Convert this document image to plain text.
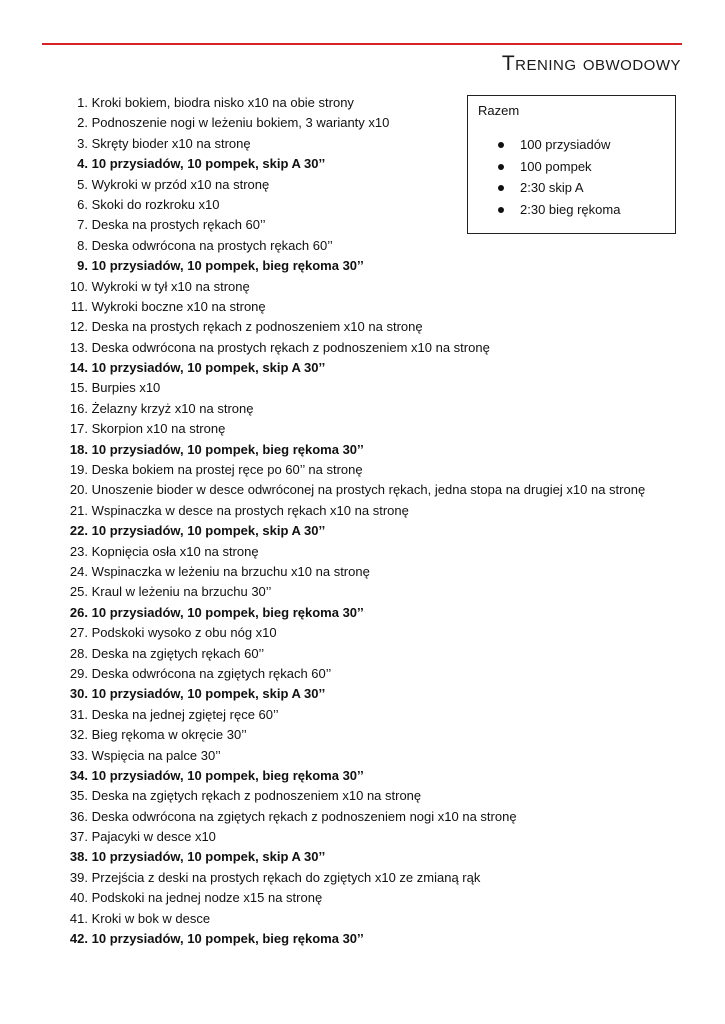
Trening obwodowy
Razem
100 przysiadów
100 pompek
2:30 skip A
2:30 bieg rękoma
1. Kroki bokiem, biodra nisko x10 na obie strony
2. Podnoszenie nogi w leżeniu bokiem, 3 warianty x10
3. Skręty bioder x10 na stronę
4. 10 przysiadów, 10 pompek, skip A 30’’
5. Wykroki w przód x10 na stronę
6. Skoki do rozkroku x10
7. Deska na prostych rękach 60’’
8. Deska odwrócona na prostych rękach 60’’
9. 10 przysiadów, 10 pompek, bieg rękoma 30’’
10. Wykroki w tył x10 na stronę
11. Wykroki boczne x10 na stronę
12. Deska na prostych rękach z podnoszeniem x10 na stronę
13. Deska odwrócona na prostych rękach z podnoszeniem x10 na stronę
14. 10 przysiadów, 10 pompek, skip A 30’’
15. Burpies x10
16. Żelazny krzyż x10 na stronę
17. Skorpion x10 na stronę
18. 10 przysiadów, 10 pompek, bieg rękoma 30’’
19. Deska bokiem na prostej ręce po 60’’ na stronę
20. Unoszenie bioder w desce odwróconej na prostych rękach, jedna stopa na drugiej x10 na stronę
21. Wspinaczka w desce na prostych rękach x10 na stronę
22. 10 przysiadów, 10 pompek, skip A 30’’
23. Kopnięcia osła x10 na stronę
24. Wspinaczka w leżeniu na brzuchu x10 na stronę
25. Kraul w leżeniu na brzuchu 30’’
26. 10 przysiadów, 10 pompek, bieg rękoma 30’’
27. Podskoki wysoko z obu nóg x10
28. Deska na zgiętych rękach 60’’
29. Deska odwrócona na zgiętych rękach 60’’
30. 10 przysiadów, 10 pompek, skip A 30’’
31. Deska na jednej zgiętej ręce 60’’
32. Bieg rękoma w okręcie 30’’
33. Wspięcia na palce 30’’
34. 10 przysiadów, 10 pompek, bieg rękoma 30’’
35. Deska na zgiętych rękach z podnoszeniem x10 na stronę
36. Deska odwrócona na zgiętych rękach z podnoszeniem nogi x10 na stronę
37. Pajacyki w desce x10
38. 10 przysiadów, 10 pompek, skip A 30’’
39. Przejścia z deski na prostych rękach do zgiętych x10 ze zmianą rąk
40. Podskoki na jednej nodze x15 na stronę
41. Kroki w bok w desce
42. 10 przysiadów, 10 pompek, bieg rękoma 30’’
